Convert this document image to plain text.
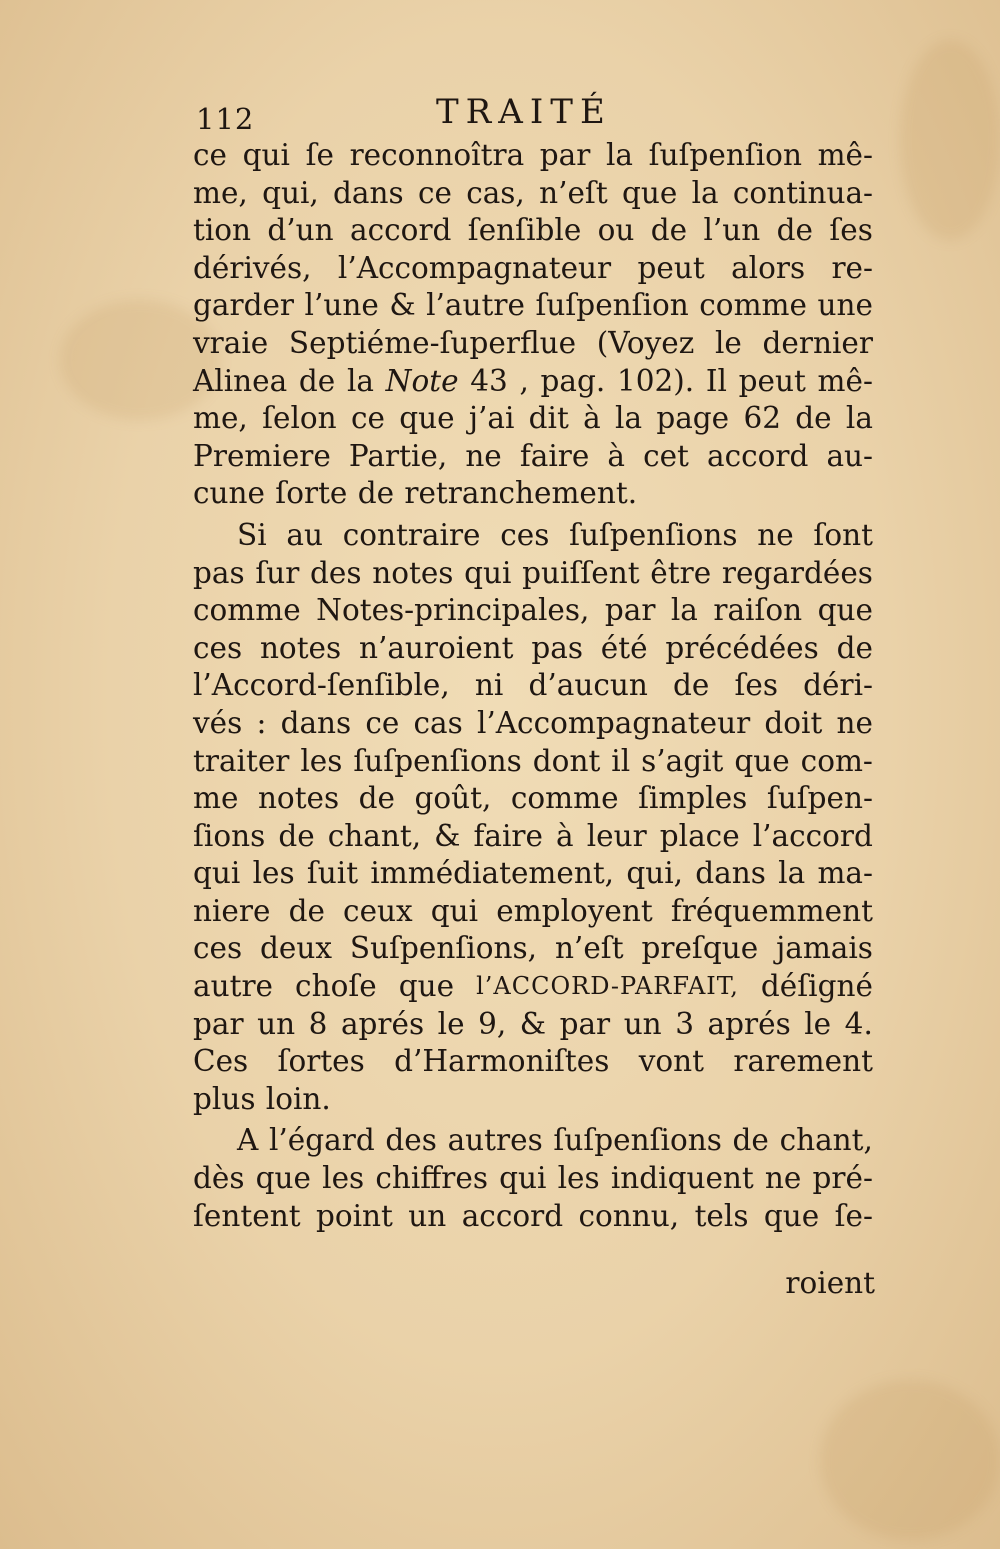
112	TRAITÉ
ce qui ſe reconnoîtra par la ſuſpenſion mê-
me, qui, dans ce cas, n’eſt que la continua-
tion d’un accord ſenſible ou de l’un de ſes
dérivés, l’Accompagnateur peut alors re-
garder l’une & l’autre ſuſpenſion comme une
vraie Septiéme-ſuperflue (Voyez le dernier
Alinea de la Note 43 , pag. 102). Il peut mê-
me, ſelon ce que j’ai dit à la page 62 de la
Premiere Partie, ne faire à cet accord au-
cune ſorte de retranchement.
Si au contraire ces ſuſpenſions ne ſont
pas ſur des notes qui puiſſent être regardées
comme Notes-principales, par la raiſon que
ces notes n’auroient pas été précédées de
l’Accord-ſenſible, ni d’aucun de ſes déri-
vés : dans ce cas l’Accompagnateur doit ne
traiter les ſuſpenſions dont il s’agit que com-
me notes de goût, comme ſimples ſuſpen-
ſions de chant, & faire à leur place l’accord
qui les ſuit immédiatement, qui, dans la ma-
niere de ceux qui employent fréquemment
ces deux Suſpenſions, n’eſt preſque jamais
autre choſe que l’ACCORD-PARFAIT, déſigné
par un 8 aprés le 9, & par un 3 aprés le 4.
Ces ſortes d’Harmoniſtes vont rarement
plus loin.
A l’égard des autres ſuſpenſions de chant,
dès que les chiffres qui les indiquent ne pré-
ſentent point un accord connu, tels que ſe-
roient
